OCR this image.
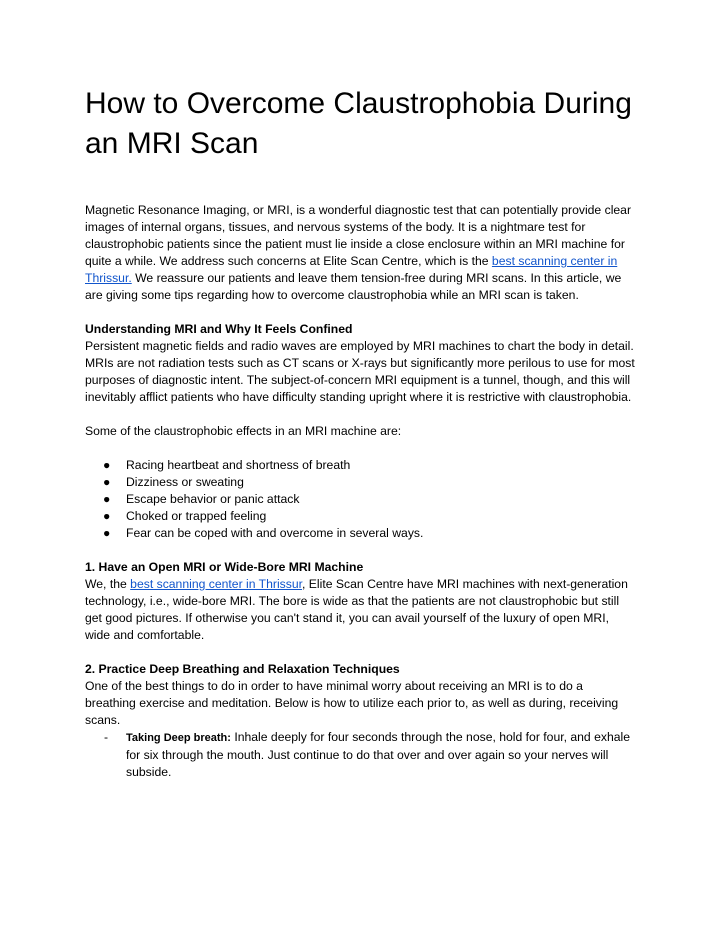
How to Overcome Claustrophobia During an MRI Scan

Magnetic Resonance Imaging, or MRI, is a wonderful diagnostic test that can potentially provide clear images of internal organs, tissues, and nervous systems of the body. It is a nightmare test for claustrophobic patients since the patient must lie inside a close enclosure within an MRI machine for quite a while. We address such concerns at Elite Scan Centre, which is the best scanning center in Thrissur. We reassure our patients and leave them tension-free during MRI scans. In this article, we are giving some tips regarding how to overcome claustrophobia while an MRI scan is taken.

Understanding MRI and Why It Feels Confined

Persistent magnetic fields and radio waves are employed by MRI machines to chart the body in detail. MRIs are not radiation tests such as CT scans or X-rays but significantly more perilous to use for most purposes of diagnostic intent. The subject-of-concern MRI equipment is a tunnel, though, and this will inevitably afflict patients who have difficulty standing upright where it is restrictive with claustrophobia.

Some of the claustrophobic effects in an MRI machine are:

● Racing heartbeat and shortness of breath
● Dizziness or sweating
● Escape behavior or panic attack
● Choked or trapped feeling
● Fear can be coped with and overcome in several ways.

1. Have an Open MRI or Wide-Bore MRI Machine

We, the best scanning center in Thrissur, Elite Scan Centre have MRI machines with next-generation technology, i.e., wide-bore MRI. The bore is wide as that the patients are not claustrophobic but still get good pictures. If otherwise you can't stand it, you can avail yourself of the luxury of open MRI, wide and comfortable.

2. Practice Deep Breathing and Relaxation Techniques

One of the best things to do in order to have minimal worry about receiving an MRI is to do a breathing exercise and meditation. Below is how to utilize each prior to, as well as during, receiving scans.

- Taking Deep breath: Inhale deeply for four seconds through the nose, hold for four, and exhale for six through the mouth. Just continue to do that over and over again so your nerves will subside.
